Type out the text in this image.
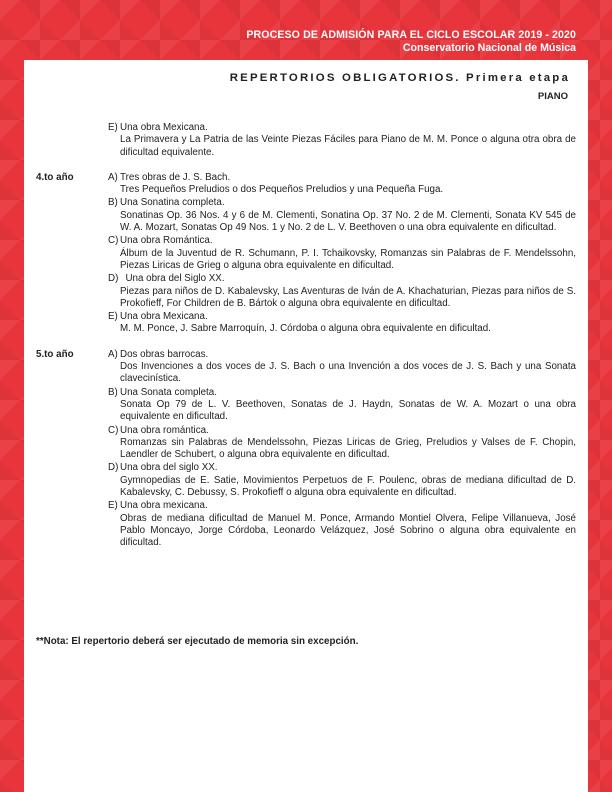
PROCESO DE ADMISIÓN PARA EL CICLO ESCOLAR 2019 - 2020
Conservatorio Nacional de Música
REPERTORIOS OBLIGATORIOS. Primera etapa
PIANO
E) Una obra Mexicana.
La Primavera y La Patria de las Veinte Piezas Fáciles para Piano de M. M. Ponce o alguna otra obra de dificultad equivalente.
4.to año	A) Tres obras de J. S. Bach.
Tres Pequeños Preludios o dos Pequeños Preludios y una Pequeña Fuga.
B) Una Sonatina completa.
Sonatinas Op. 36 Nos. 4 y 6 de M. Clementi, Sonatina Op. 37 No. 2 de M. Clementi, Sonata KV 545 de W. A. Mozart, Sonatas Op 49 Nos. 1 y No. 2 de L. V. Beethoven o una obra equivalente en dificultad.
C) Una obra Romántica.
Álbum de la Juventud de R. Schumann, P. I. Tchaikovsky, Romanzas sin Palabras de F. Mendelssohn, Piezas Liricas de Grieg o alguna obra equivalente en dificultad.
D) Una obra del Siglo XX.
Piezas para niños de D. Kabalevsky, Las Aventuras de Iván de A. Khachaturian, Piezas para niños de S. Prokofieff, For Children de B. Bártok o alguna obra equivalente en dificultad.
E) Una obra Mexicana.
M. M. Ponce, J. Sabre Marroquín, J. Córdoba o alguna obra equivalente en dificultad.
5.to año	A) Dos obras barrocas.
Dos Invenciones a dos voces de J. S. Bach o una Invención a dos voces de J. S. Bach y una Sonata clavecinística.
B) Una Sonata completa.
Sonata Op 79 de L. V. Beethoven, Sonatas de J. Haydn, Sonatas de W. A. Mozart o una obra equivalente en dificultad.
C) Una obra romántica.
Romanzas sin Palabras de Mendelssohn, Piezas Liricas de Grieg, Preludios y Valses de F. Chopin, Laendler de Schubert, o alguna obra equivalente en dificultad.
D) Una obra del siglo XX.
Gymnopedias de E. Satie, Movimientos Perpetuos de F. Poulenc, obras de mediana dificultad de D. Kabalevsky, C. Debussy, S. Prokofieff o alguna obra equivalente en dificultad.
E) Una obra mexicana.
Obras de mediana dificultad de Manuel M. Ponce, Armando Montiel Olvera, Felipe Villanueva, José Pablo Moncayo, Jorge Córdoba, Leonardo Velázquez, José Sobrino o alguna obra equivalente en dificultad.
**Nota: El repertorio deberá ser ejecutado de memoria sin excepción.
